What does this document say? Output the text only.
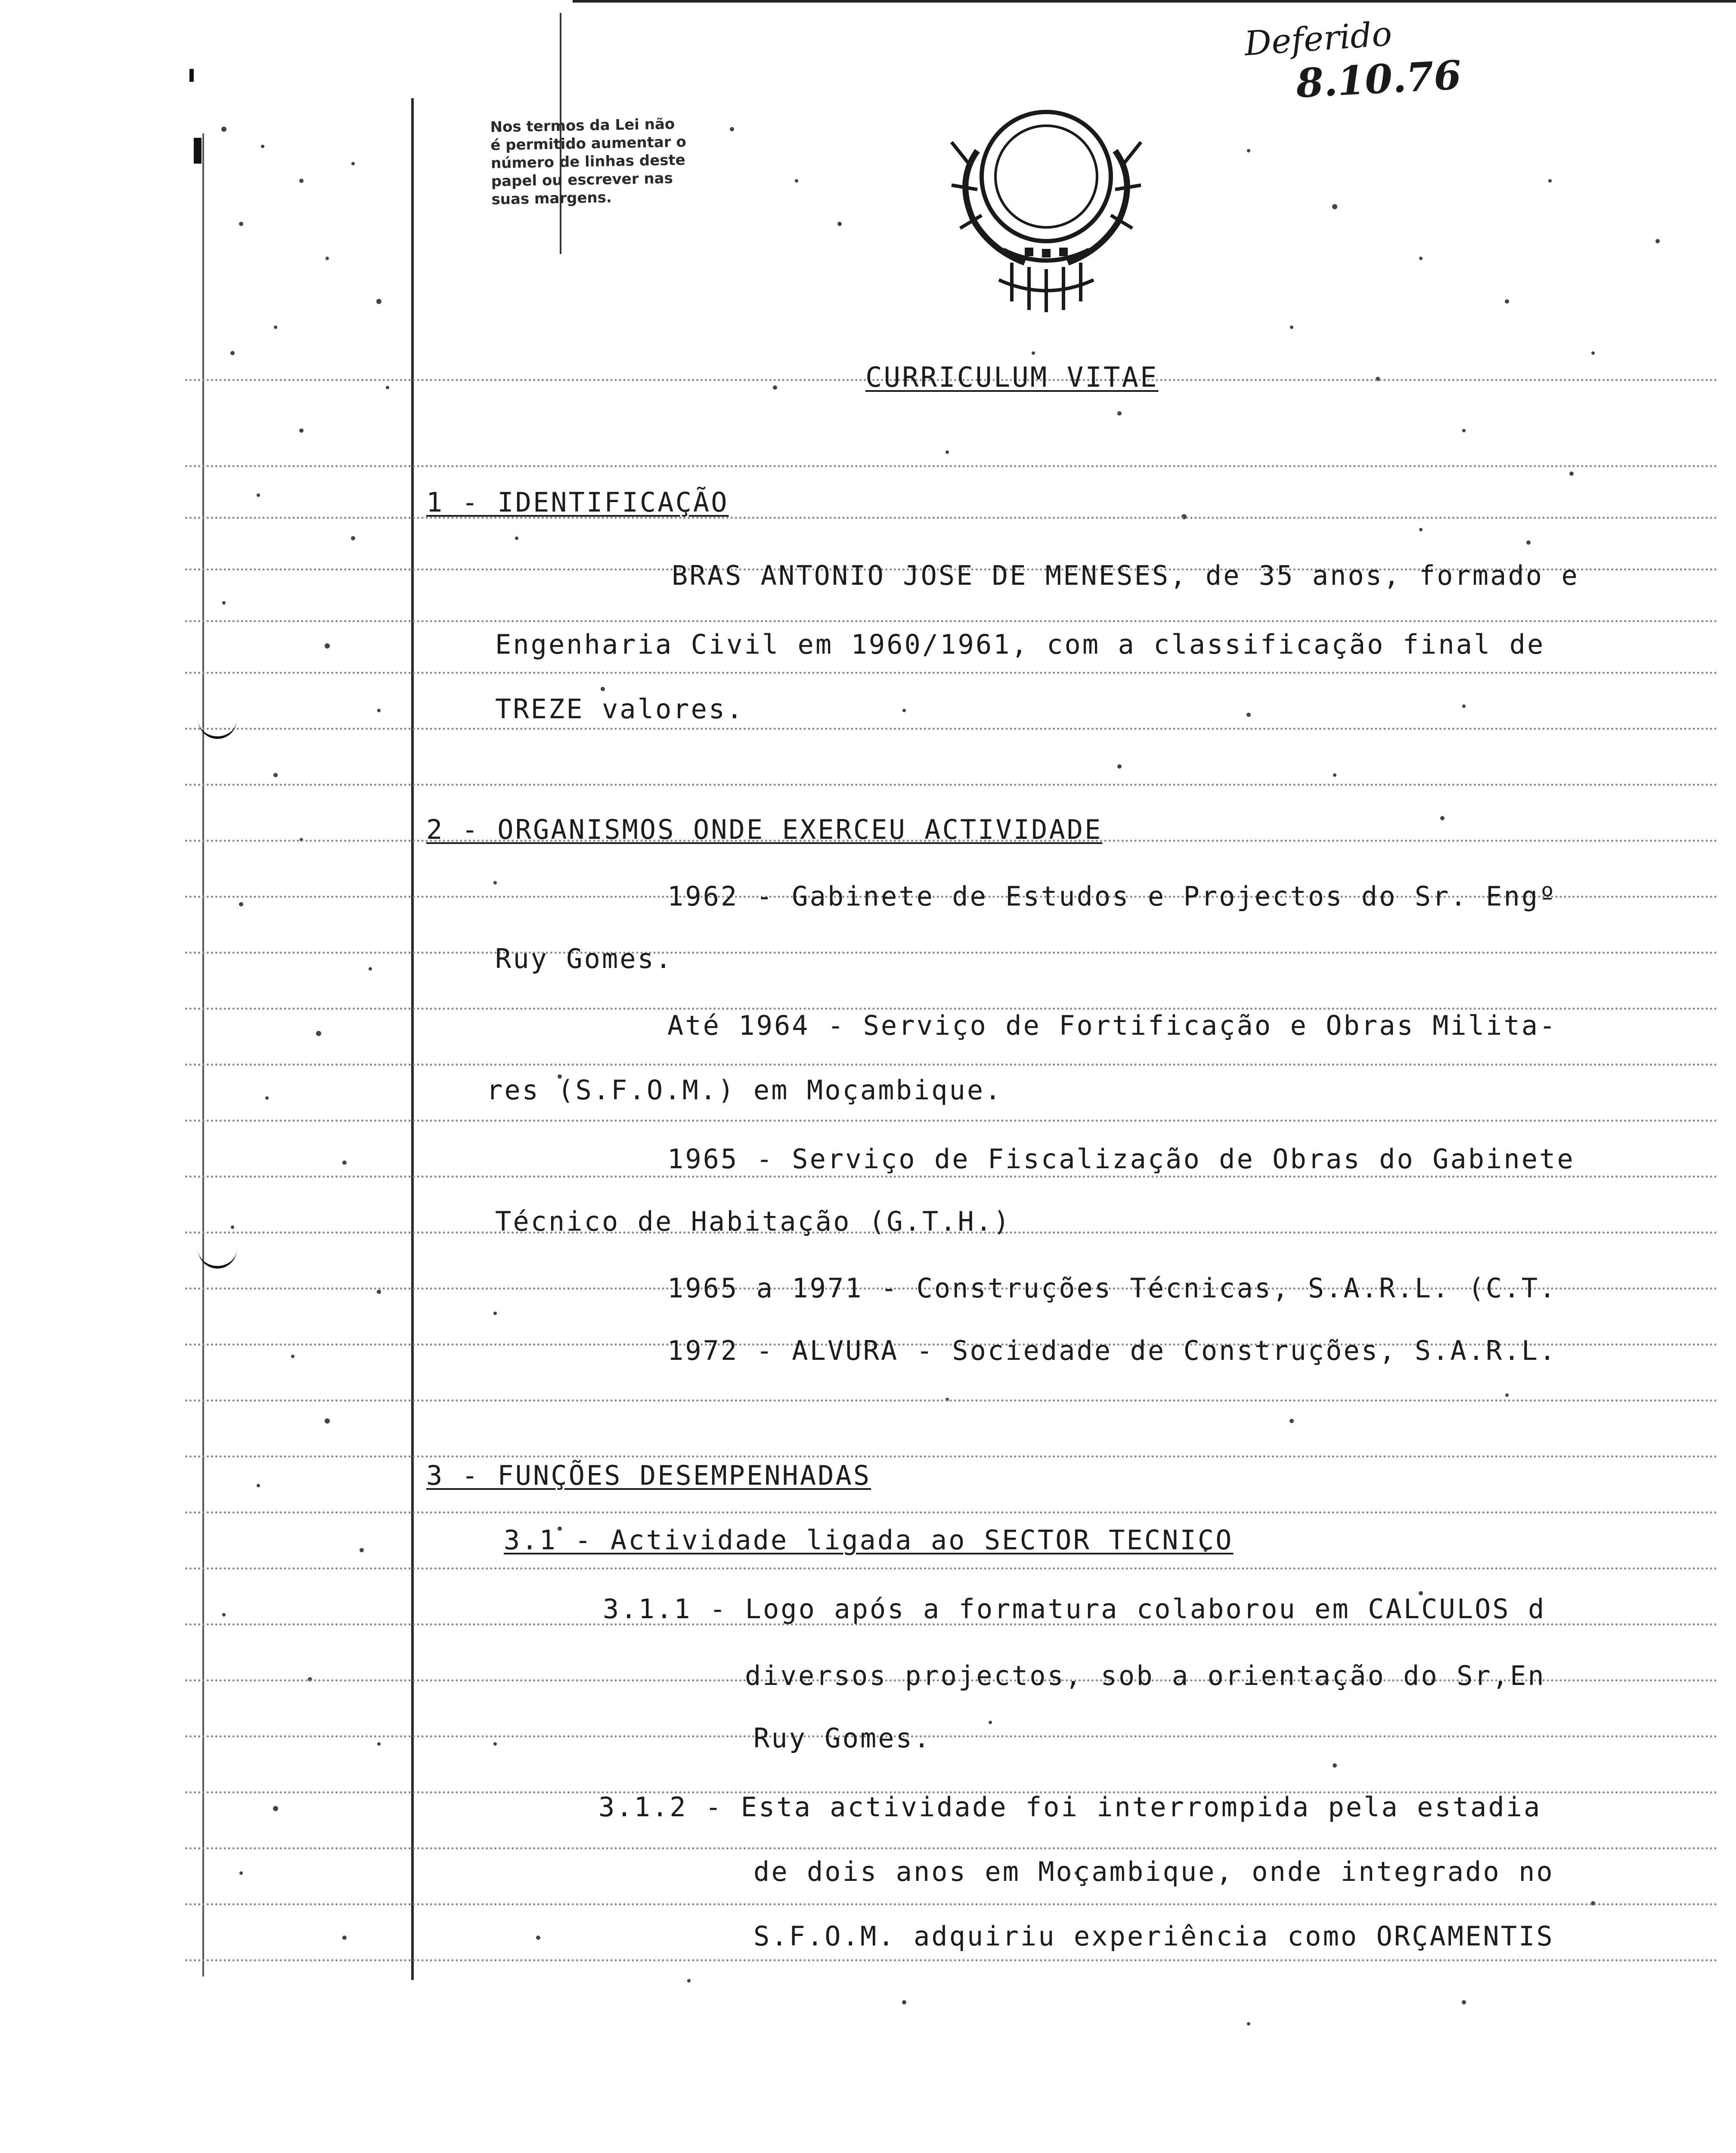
Nos termos da Lei não
é permitido aumentar o
número de linhas deste
papel ou escrever nas
suas margens.
Deferido
8.10.76
CURRICULUM VITAE
1 - IDENTIFICAÇÃO
BRAS ANTONIO JOSE DE MENESES, de 35 anos, formado e
Engenharia Civil em 1960/1961, com a classificação final de
TREZE valores.
2 - ORGANISMOS ONDE EXERCEU ACTIVIDADE
1962 - Gabinete de Estudos e Projectos do Sr. Engº
Ruy Gomes.
Até 1964 - Serviço de Fortificação e Obras Milita-
res (S.F.O.M.) em Moçambique.
1965 - Serviço de Fiscalização de Obras do Gabinete
Técnico de Habitação (G.T.H.)
1965 a 1971 - Construções Técnicas, S.A.R.L. (C.T.
1972 - ALVURA - Sociedade de Construções, S.A.R.L.
3 - FUNÇÕES DESEMPENHADAS
3.1 - Actividade ligada ao SECTOR TECNICO
3.1.1 - Logo após a formatura colaborou em CALCULOS d
diversos projectos, sob a orientação do Sr,En
Ruy Gomes.
3.1.2 - Esta actividade foi interrompida pela estadia
de dois anos em Moçambique, onde integrado no
S.F.O.M. adquiriu experiência como ORÇAMENTIS
